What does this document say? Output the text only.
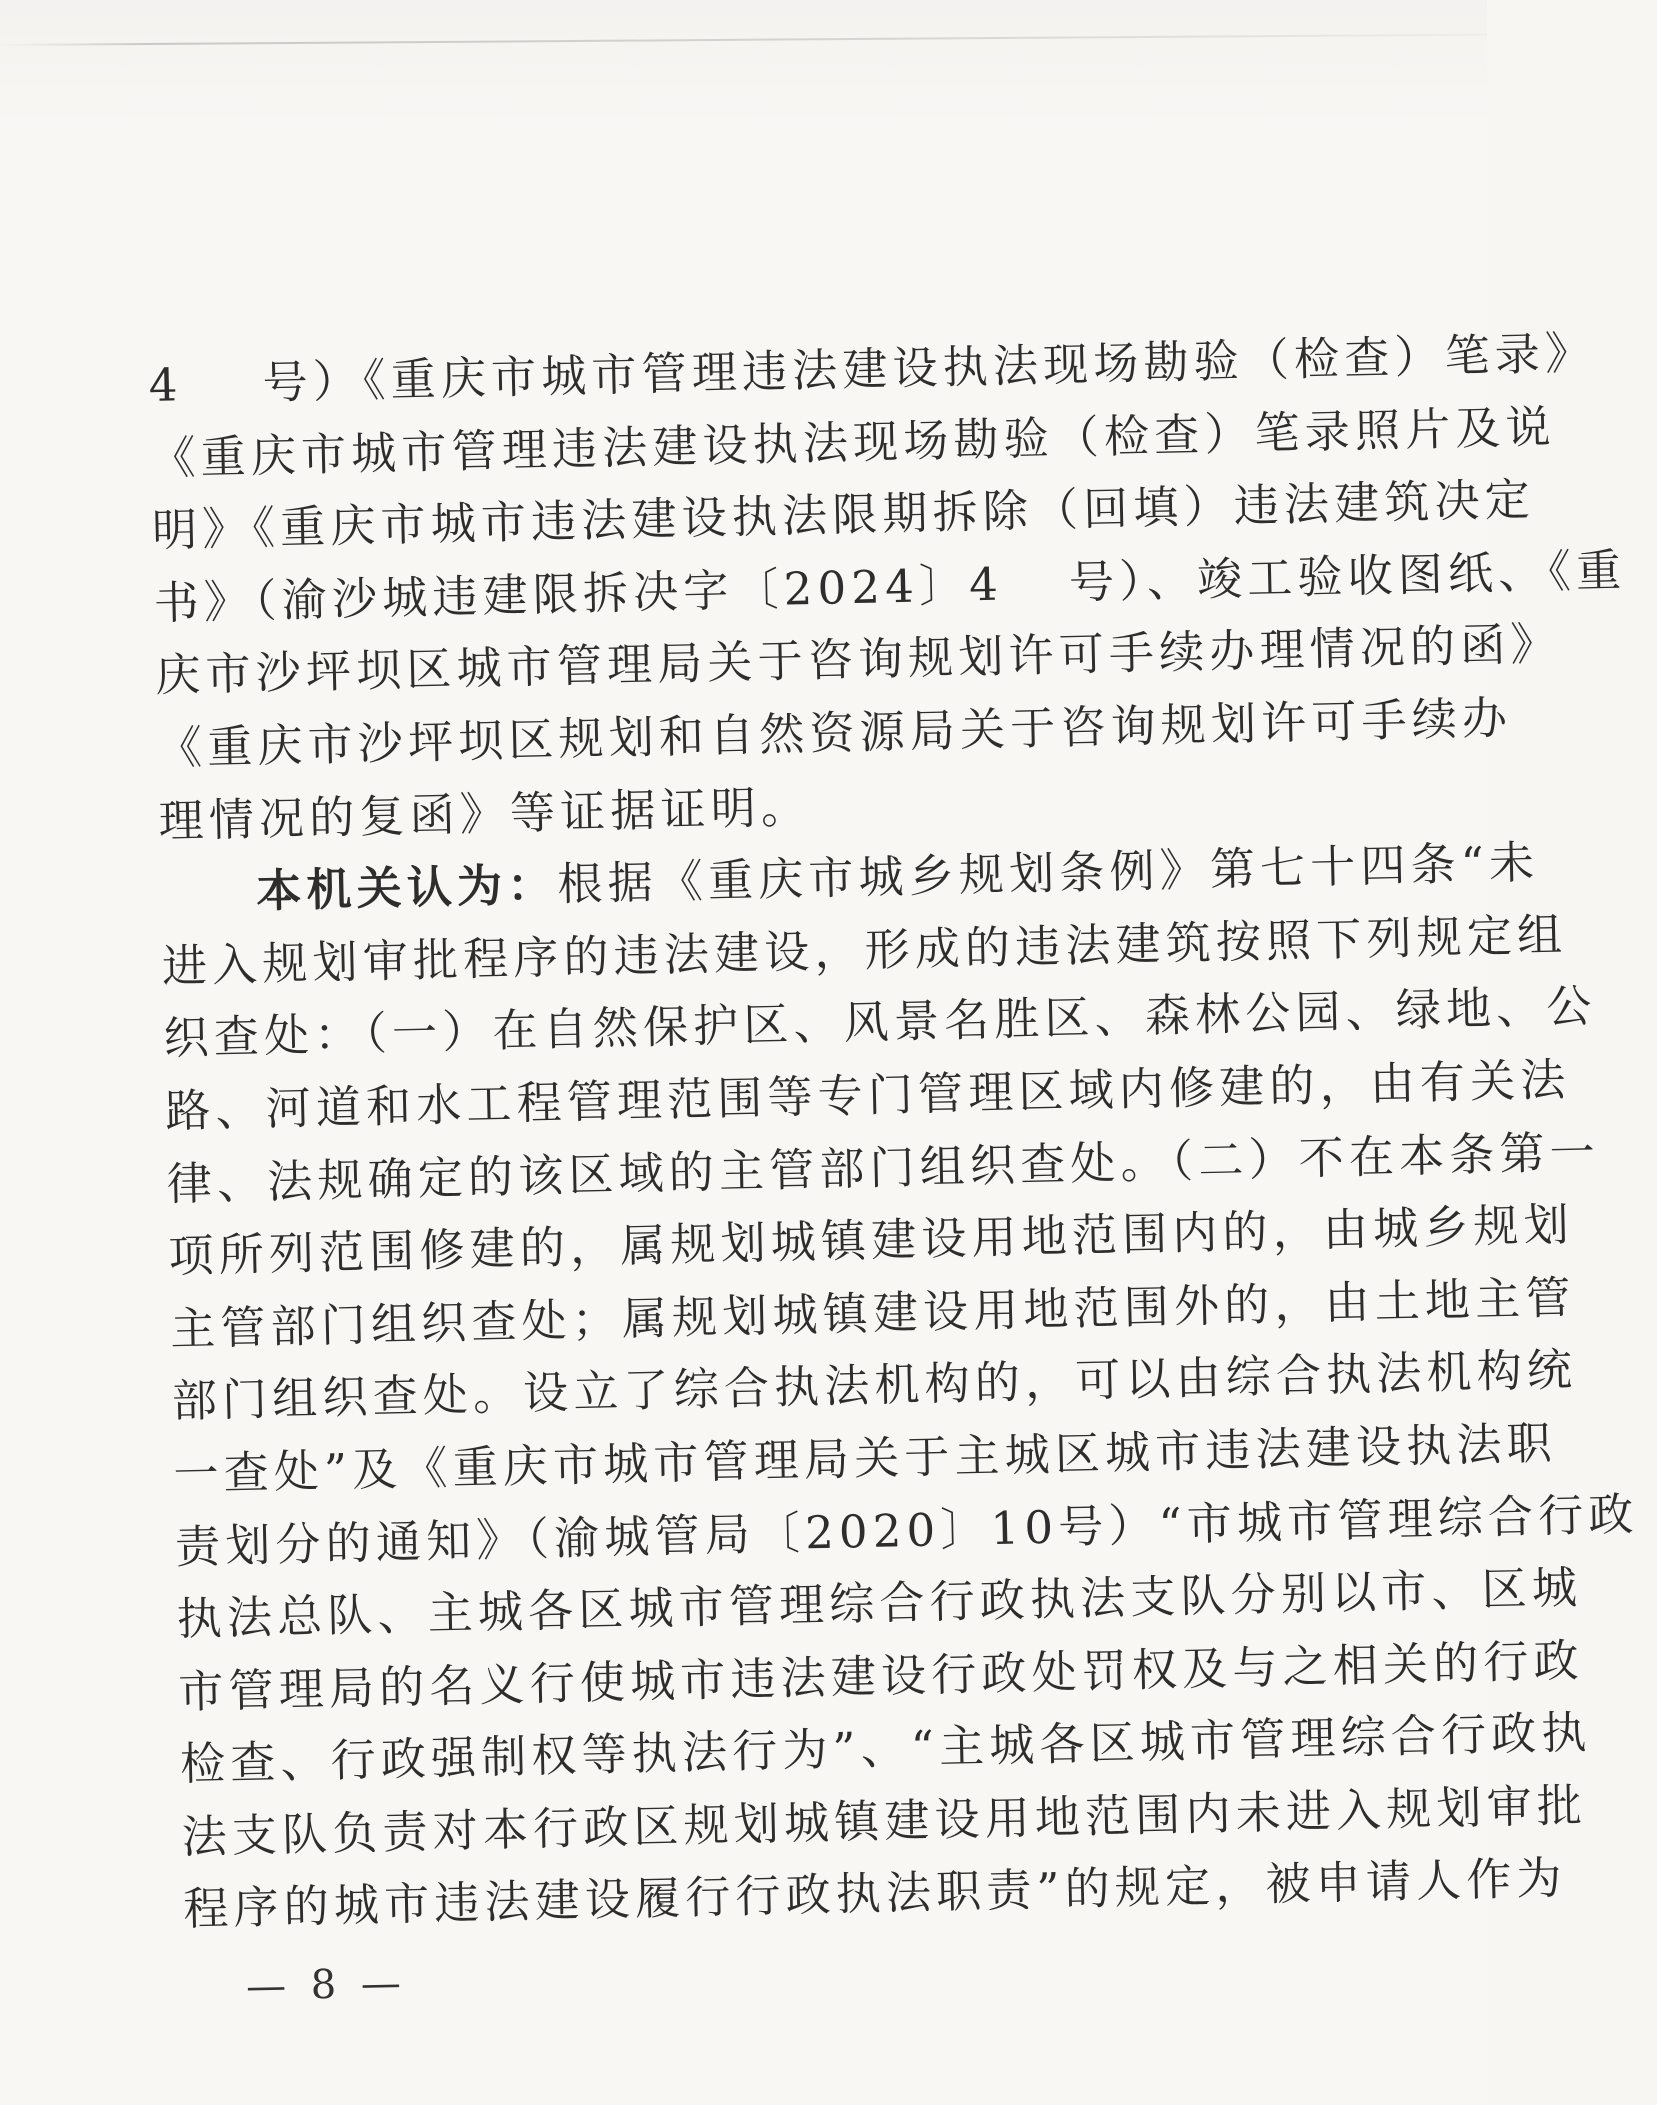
4 号）《重庆市城市管理违法建设执法现场勘验（检查）笔录》
《重庆市城市管理违法建设执法现场勘验（检查）笔录照片及说
明》《重庆市城市违法建设执法限期拆除（回填）违法建筑决定
书》（渝沙城违建限拆决字〔2024〕4 号）、竣工验收图纸、《重
庆市沙坪坝区城市管理局关于咨询规划许可手续办理情况的函》
《重庆市沙坪坝区规划和自然资源局关于咨询规划许可手续办
理情况的复函》等证据证明。
本机关认为：根据《重庆市城乡规划条例》第七十四条“未
进入规划审批程序的违法建设，形成的违法建筑按照下列规定组
织查处：（一）在自然保护区、风景名胜区、森林公园、绿地、公
路、河道和水工程管理范围等专门管理区域内修建的，由有关法
律、法规确定的该区域的主管部门组织查处。（二）不在本条第一
项所列范围修建的，属规划城镇建设用地范围内的，由城乡规划
主管部门组织查处；属规划城镇建设用地范围外的，由土地主管
部门组织查处。设立了综合执法机构的，可以由综合执法机构统
一查处”及《重庆市城市管理局关于主城区城市违法建设执法职
责划分的通知》（渝城管局〔2020〕10号）“市城市管理综合行政
执法总队、主城各区城市管理综合行政执法支队分别以市、区城
市管理局的名义行使城市违法建设行政处罚权及与之相关的行政
检查、行政强制权等执法行为”、“主城各区城市管理综合行政执
法支队负责对本行政区规划城镇建设用地范围内未进入规划审批
程序的城市违法建设履行行政执法职责”的规定，被申请人作为
— 8 —
